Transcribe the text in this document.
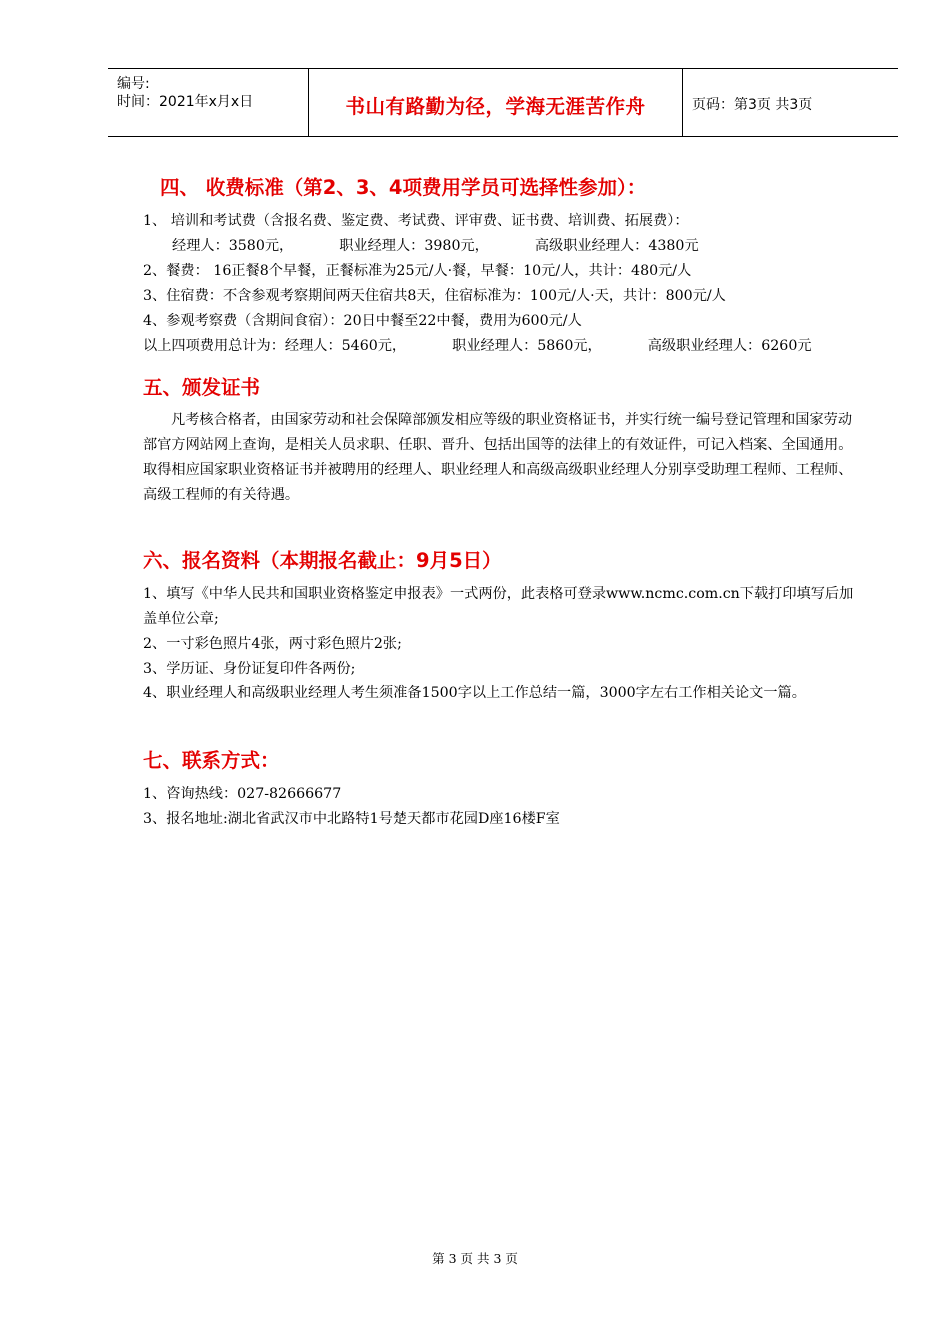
编号:
时间：2021年x月x日	书山有路勤为径，学海无涯苦作舟	页码：第3页 共3页
四、 收费标准（第2、3、4项费用学员可选择性参加）：
1、 培训和考试费（含报名费、鉴定费、考试费、评审费、证书费、培训费、拓展费）：
经理人：3580元，	职业经理人：3980元，	高级职业经理人：4380元
2、餐费： 16正餐8个早餐，正餐标准为25元/人·餐，早餐：10元/人，共计：480元/人
3、住宿费：不含参观考察期间两天住宿共8天，住宿标准为：100元/人·天，共计：800元/人
4、参观考察费（含期间食宿）：20日中餐至22中餐，费用为600元/人
以上四项费用总计为：经理人：5460元，	职业经理人：5860元，	高级职业经理人：6260元
五、颁发证书
凡考核合格者，由国家劳动和社会保障部颁发相应等级的职业资格证书，并实行统一编号登记管理和国家劳动部官方网站网上查询，是相关人员求职、任职、晋升、包括出国等的法律上的有效证件，可记入档案、全国通用。取得相应国家职业资格证书并被聘用的经理人、职业经理人和高级高级职业经理人分别享受助理工程师、工程师、高级工程师的有关待遇。
六、报名资料（本期报名截止：9月5日）
1、填写《中华人民共和国职业资格鉴定申报表》一式两份，此表格可登录www.ncmc.com.cn下载打印填写后加盖单位公章;
2、一寸彩色照片4张，两寸彩色照片2张;
3、学历证、身份证复印件各两份;
4、职业经理人和高级职业经理人考生须准备1500字以上工作总结一篇，3000字左右工作相关论文一篇。
七、联系方式：
1、咨询热线：027-82666677
3、报名地址:湖北省武汉市中北路特1号楚天都市花园D座16楼F室
第 3 页 共 3 页
